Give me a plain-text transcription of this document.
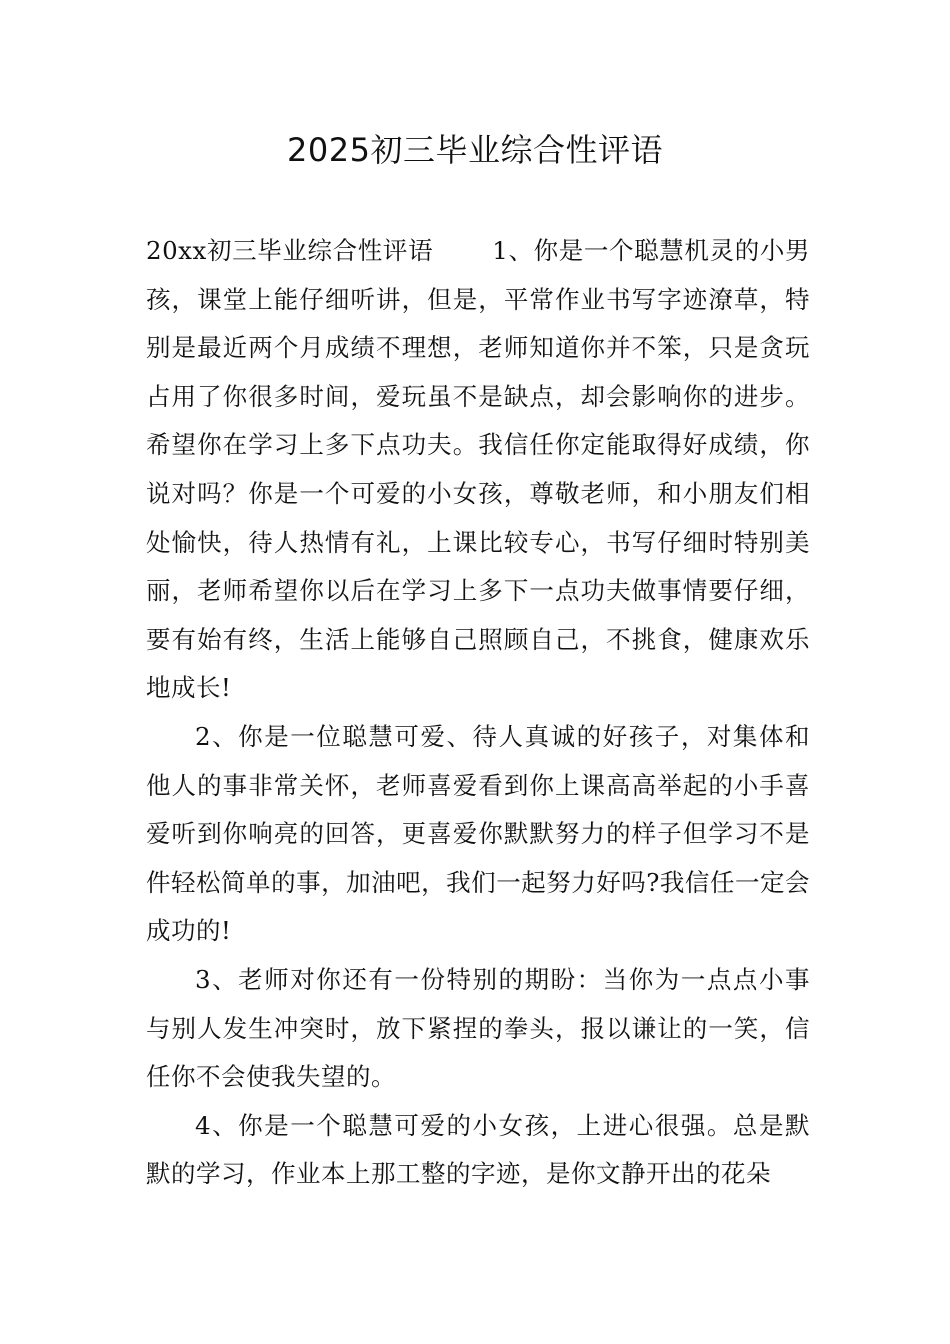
2025初三毕业综合性评语

20xx初三毕业综合性评语 1、你是一个聪慧机灵的小男孩，课堂上能仔细听讲，但是，平常作业书写字迹潦草，特别是最近两个月成绩不理想，老师知道你并不笨，只是贪玩占用了你很多时间，爱玩虽不是缺点，却会影响你的进步。希望你在学习上多下点功夫。我信任你定能取得好成绩，你说对吗？你是一个可爱的小女孩，尊敬老师，和小朋友们相处愉快，待人热情有礼，上课比较专心，书写仔细时特别美丽，老师希望你以后在学习上多下一点功夫做事情要仔细，要有始有终，生活上能够自己照顾自己，不挑食，健康欢乐地成长!

2、你是一位聪慧可爱、待人真诚的好孩子，对集体和他人的事非常关怀，老师喜爱看到你上课高高举起的小手喜爱听到你响亮的回答，更喜爱你默默努力的样子但学习不是件轻松简单的事，加油吧，我们一起努力好吗?我信任一定会成功的!

3、老师对你还有一份特别的期盼：当你为一点点小事与别人发生冲突时，放下紧捏的拳头，报以谦让的一笑，信任你不会使我失望的。

4、你是一个聪慧可爱的小女孩，上进心很强。总是默默的学习，作业本上那工整的字迹，是你文静开出的花朵
